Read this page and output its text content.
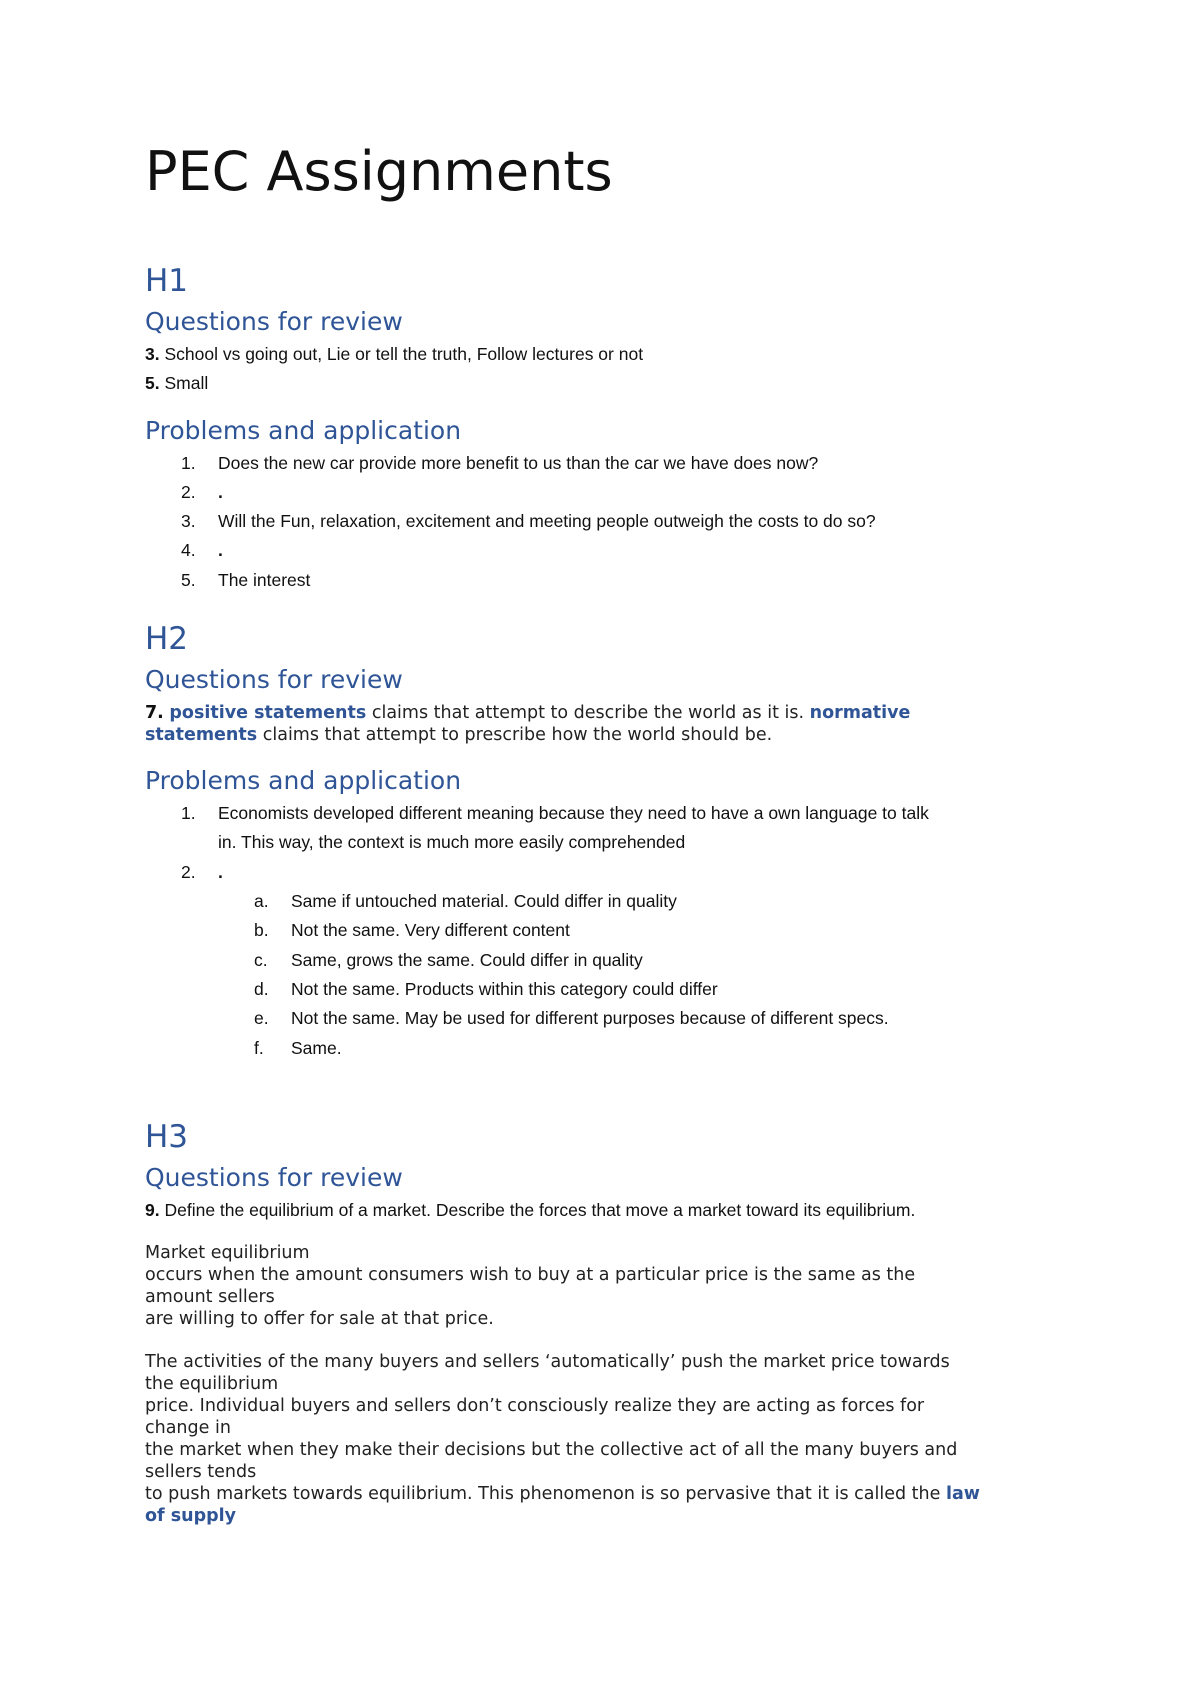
PEC Assignments
H1
Questions for review
3. School vs going out, Lie or tell the truth, Follow lectures or not
5. Small
Problems and application
1. Does the new car provide more benefit to us than the car we have does now?
2. .
3. Will the Fun, relaxation, excitement and meeting people outweigh the costs to do so?
4. .
5. The interest
H2
Questions for review
7. positive statements claims that attempt to describe the world as it is. normative
statements claims that attempt to prescribe how the world should be.
Problems and application
1. Economists developed different meaning because they need to have a own language to talk
in. This way, the context is much more easily comprehended
2. .
a. Same if untouched material. Could differ in quality
b. Not the same. Very different content
c. Same, grows the same. Could differ in quality
d. Not the same. Products within this category could differ
e. Not the same. May be used for different purposes because of different specs.
f. Same.
H3
Questions for review
9. Define the equilibrium of a market. Describe the forces that move a market toward its equilibrium.
Market equilibrium
occurs when the amount consumers wish to buy at a particular price is the same as the
amount sellers
are willing to offer for sale at that price.
The activities of the many buyers and sellers ‘automatically’ push the market price towards
the equilibrium
price. Individual buyers and sellers don’t consciously realize they are acting as forces for
change in
the market when they make their decisions but the collective act of all the many buyers and
sellers tends
to push markets towards equilibrium. This phenomenon is so pervasive that it is called the law
of supply
